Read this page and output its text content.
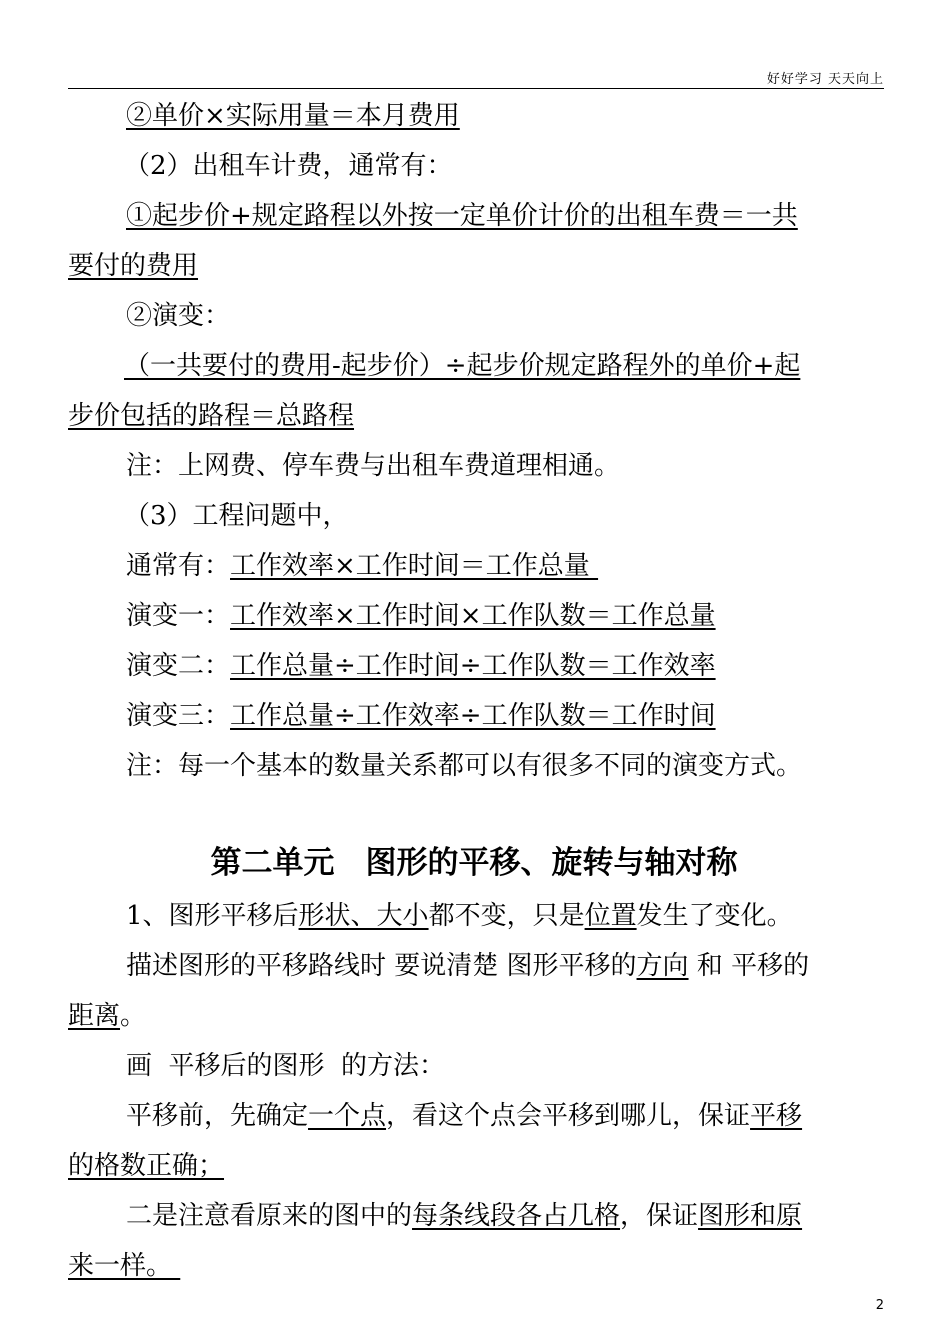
好好学习 天天向上
②单价×实际用量＝本月费用
（2）出租车计费，通常有：
①起步价+规定路程以外按一定单价计价的出租车费＝一共
要付的费用
②演变：
（一共要付的费用-起步价）÷起步价规定路程外的单价+起
步价包括的路程＝总路程
注：上网费、停车费与出租车费道理相通。
（3）工程问题中，
通常有：工作效率×工作时间＝工作总量
演变一：工作效率×工作时间×工作队数＝工作总量
演变二：工作总量÷工作时间÷工作队数＝工作效率
演变三：工作总量÷工作效率÷工作队数＝工作时间
注：每一个基本的数量关系都可以有很多不同的演变方式。
第二单元　图形的平移、旋转与轴对称
1、图形平移后形状、大小都不变，只是位置发生了变化。
描述图形的平移路线时 要说清楚 图形平移的方向 和 平移的
距离。
画  平移后的图形  的方法：
平移前，先确定一个点，看这个点会平移到哪儿，保证平移
的格数正确；
二是注意看原来的图中的每条线段各占几格，保证图形和原
来一样。
2
